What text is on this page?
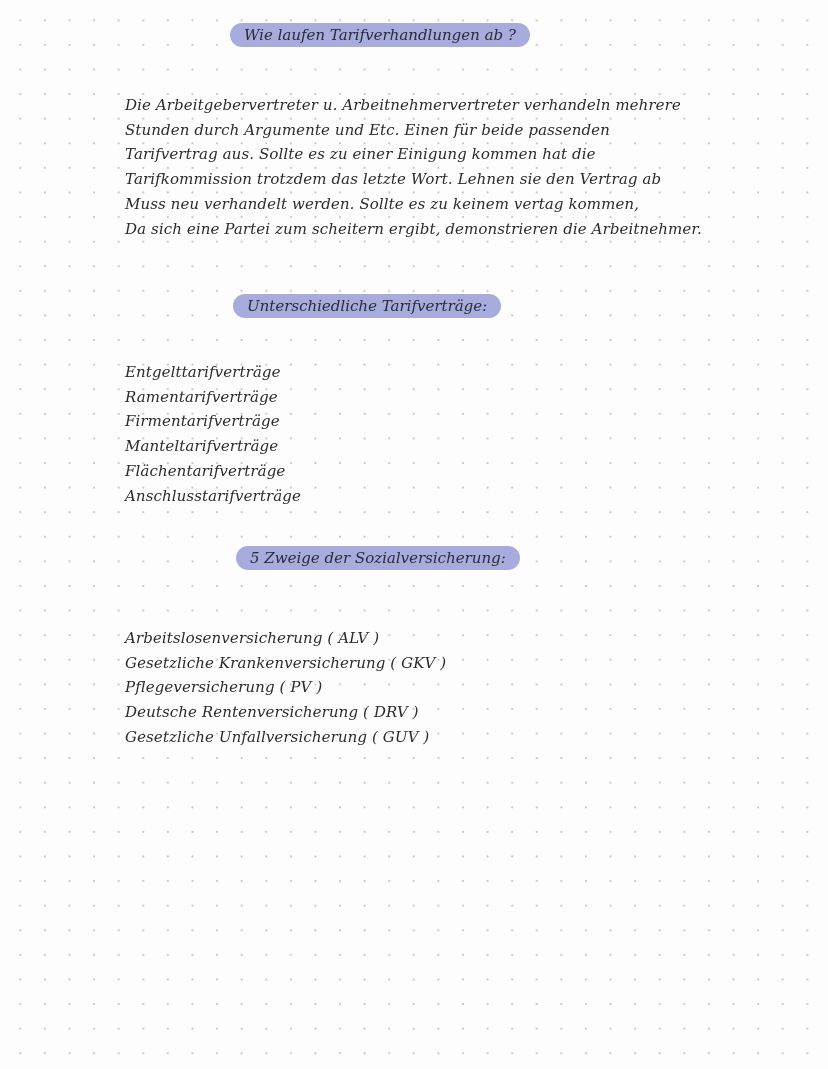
Wie laufen Tarifverhandlungen ab ?

Die Arbeitgebervertreter u. Arbeitnehmervertreter verhandeln mehrere
Stunden durch Argumente und Etc. Einen für beide passenden
Tarifvertrag aus. Sollte es zu einer Einigung kommen hat die
Tarifkommission trotzdem das letzte Wort. Lehnen sie den Vertrag ab
Muss neu verhandelt werden. Sollte es zu keinem vertag kommen,
Da sich eine Partei zum scheitern ergibt, demonstrieren die Arbeitnehmer.

Unterschiedliche Tarifverträge:
Entgelttarifverträge
Ramentarifverträge
Firmentarifverträge
Manteltarifverträge
Flächentarifverträge
Anschlusstarifverträge
5 Zweige der Sozialversicherung:
Arbeitslosenversicherung ( ALV )
Gesetzliche Krankenversicherung ( GKV )
Pflegeversicherung ( PV )
Deutsche Rentenversicherung ( DRV )
Gesetzliche Unfallversicherung ( GUV )
